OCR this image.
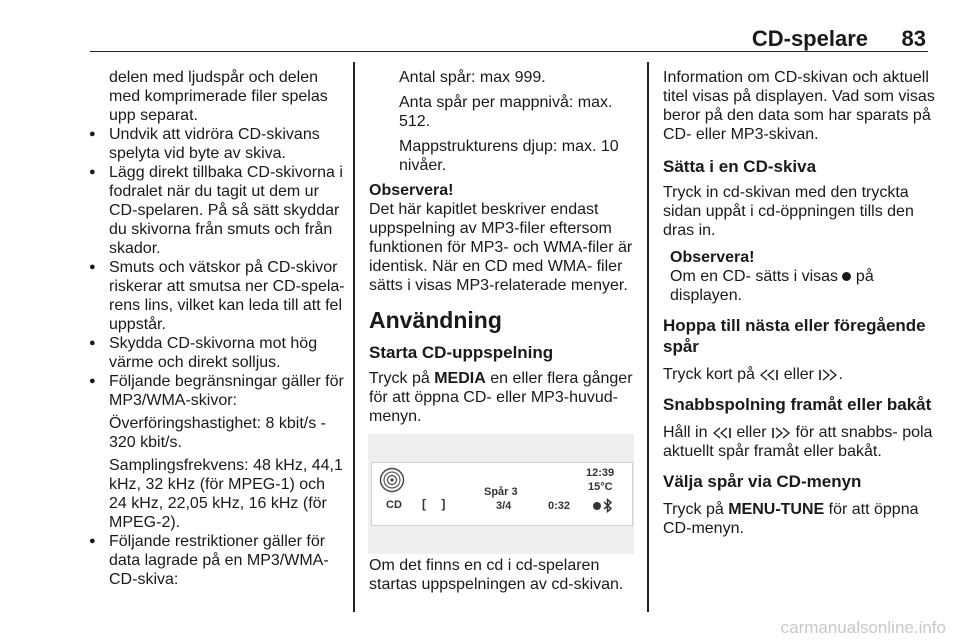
CD-spelare 83

delen med ljudspår och delen med komprimerade filer spelas upp separat.

● Undvik att vidröra CD-skivans spelyta vid byte av skiva.

● Lägg direkt tillbaka CD-skivorna i fodralet när du tagit ut dem ur CD-spelaren. På så sätt skyddar du skivorna från smuts och från skador.

● Smuts och vätskor på CD-skivor riskerar att smutsa ner CD-spela- rens lins, vilket kan leda till att fel uppstår.

● Skydda CD-skivorna mot hög värme och direkt solljus.

● Följande begränsningar gäller för MP3/WMA-skivor:

Överföringshastighet: 8 kbit/s - 320 kbit/s.

Samplingsfrekvens: 48 kHz, 44,1 kHz, 32 kHz (för MPEG-1) och 24 kHz, 22,05 kHz, 16 kHz (för MPEG-2).

● Följande restriktioner gäller för data lagrade på en MP3/WMA- CD-skiva:

Antal spår: max 999.

Anta spår per mappnivå: max. 512.

Mappstrukturens djup: max. 10 nivåer.

Observera!

Det här kapitlet beskriver endast uppspelning av MP3-filer eftersom funktionen för MP3- och WMA-filer är identisk. När en CD med WMA- filer sätts i visas MP3-relaterade menyer.

Användning

Starta CD-uppspelning

Tryck på MEDIA en eller flera gånger för att öppna CD- eller MP3-huvud- menyn.

12:39
15°C
CD [ ]
Spår 3
3/4	0:32

Om det finns en cd i cd-spelaren startas uppspelningen av cd-skivan.

Information om CD-skivan och aktuell titel visas på displayen. Vad som visas beror på den data som har sparats på CD- eller MP3-skivan.

Sätta i en CD-skiva

Tryck in cd-skivan med den tryckta sidan uppåt i cd-öppningen tills den dras in.

Observera!

Om en CD- sätts i visas  på displayen.

Hoppa till nästa eller föregående spår

Tryck kort på  eller .

Snabbspolning framåt eller bakåt

Håll in  eller  för att snabbs- pola aktuellt spår framåt eller bakåt.

Välja spår via CD-menyn

Tryck på MENU-TUNE för att öppna CD-menyn.

carmanualsonline.info
